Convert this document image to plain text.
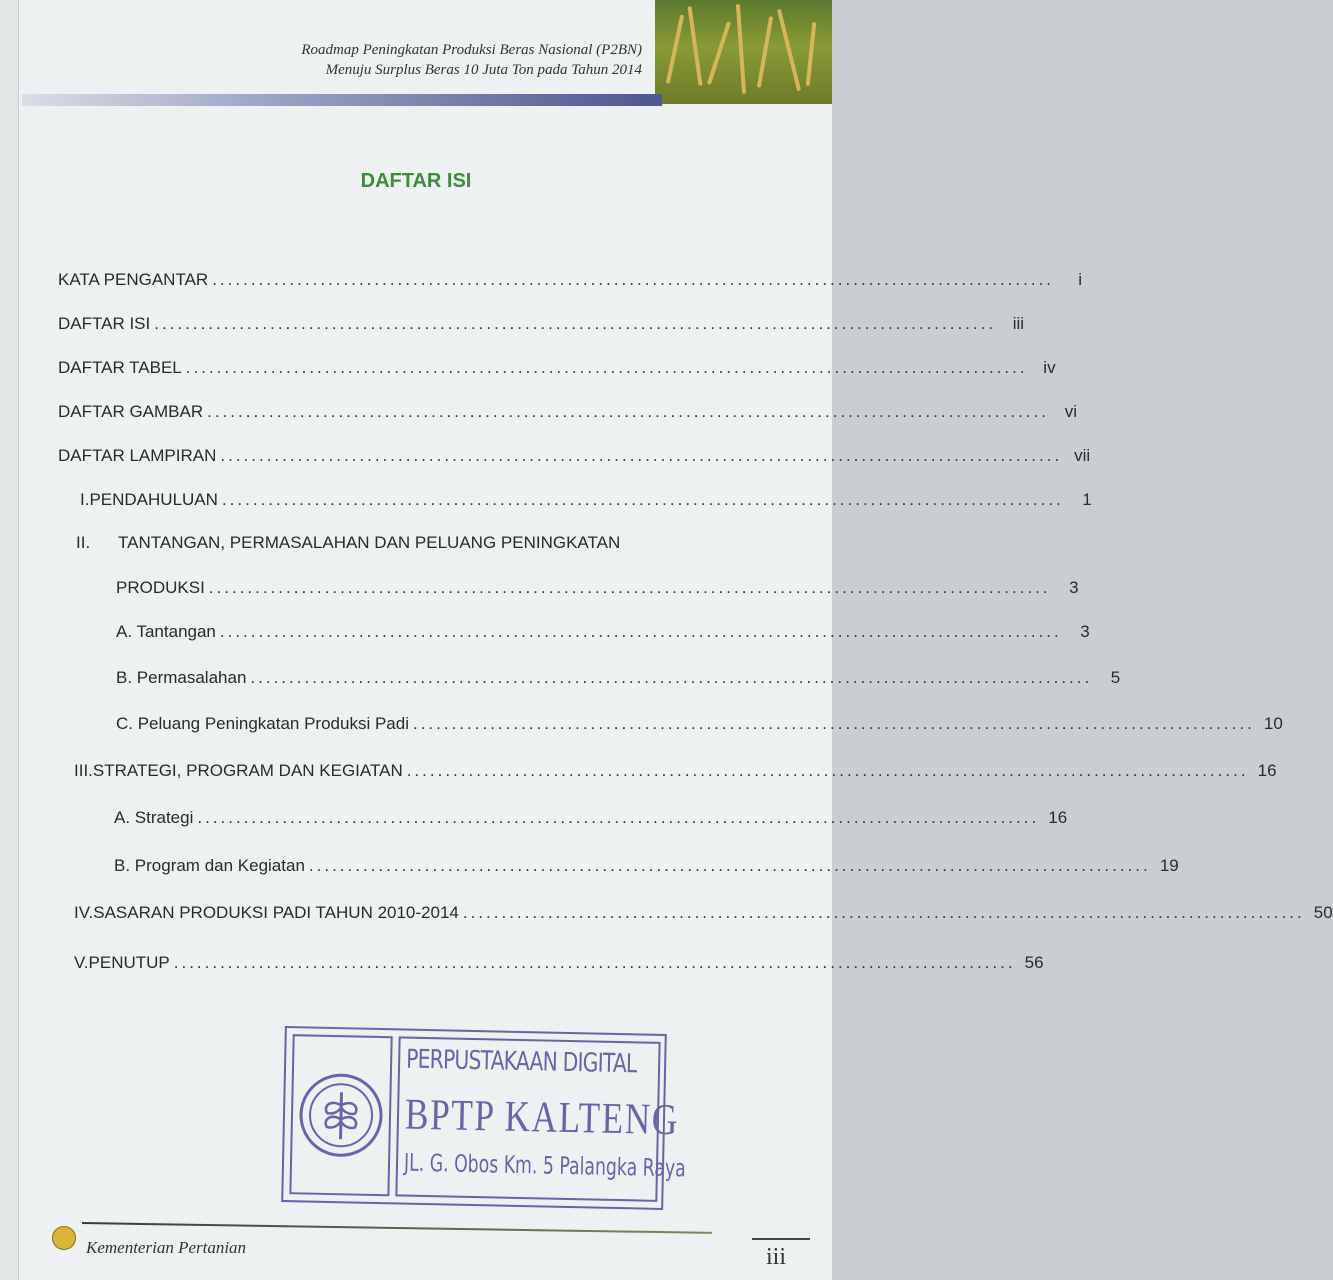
Roadmap Peningkatan Produksi Beras Nasional (P2BN)
Menuju Surplus Beras 10 Juta Ton pada Tahun 2014
DAFTAR ISI
KATA PENGANTAR .............................................................................................................	i
DAFTAR ISI ............................................................................................................. iii
DAFTAR TABEL ............................................................................................................. iv
DAFTAR GAMBAR ............................................................................................................. vi
DAFTAR LAMPIRAN ............................................................................................................. vii
I. PENDAHULUAN .............................................................................................................	1
II.	TANTANGAN, PERMASALAHAN DAN PELUANG PENINGKATAN
PRODUKSI .............................................................................................................	3
A. Tantangan .............................................................................................................	3
B. Permasalahan .............................................................................................................	5
C. Peluang Peningkatan Produksi Padi ............................................................................................................. 10
III. STRATEGI, PROGRAM DAN KEGIATAN ............................................................................................................. 16
A. Strategi ............................................................................................................. 16
B. Program dan Kegiatan ............................................................................................................. 19
IV. SASARAN PRODUKSI PADI TAHUN 2010-2014 ............................................................................................................. 50
V. PENUTUP ............................................................................................................. 56
PERPUSTAKAAN DIGITAL
BPTP KALTENG
JL. G. Obos Km. 5 Palangka Raya
Kementerian Pertanian	iii
